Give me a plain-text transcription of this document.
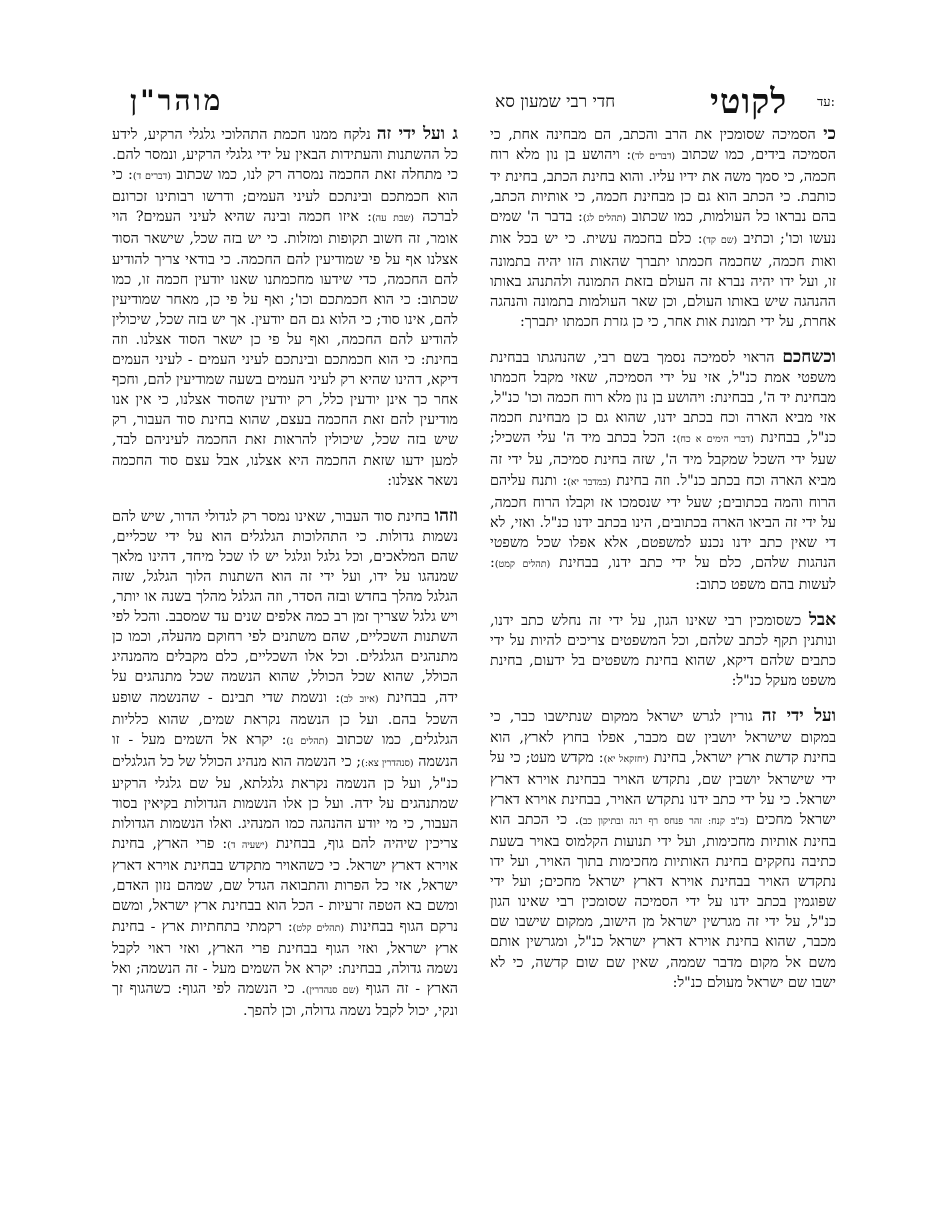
עד:
לקוטי
חדי רבי שמעון סא
מוהר"ן

כי הסמיכה שסומכין את הרב והכתב, הם מבחינה אחת, כי הסמיכה בידים, כמו שכתוב (דברים לד): ויהושע בן נון מלא רוח חכמה, כי סמך משה את ידיו עליו. והוא בחינת הכתב, בחינת יד כותבת. כי הכתב הוא גם כן מבחינת חכמה, כי אותיות הכתב, בהם נבראו כל העולמות, כמו שכתוב (תהלים לג): בדבר ה' שמים נעשו וכו'; וכתיב (שם קד): כלם בחכמה עשית. כי יש בכל אות ואות חכמה, שחכמה חכמתו יתברך שהאות הזו יהיה בתמונה זו, ועל ידו יהיה נברא זה העולם בזאת התמונה ולהתנהג באותו ההנהגה שיש באותו העולם, וכן שאר העולמות בתמונה והנהגה אחרת, על ידי תמונת אות אחר, כי כן גזרת חכמתו יתברך:

וכשחכם הראוי לסמיכה נסמך בשם רבי, שהנהגתו בבחינת משפטי אמת כנ"ל, אזי על ידי הסמיכה, שאזי מקבל חכמתו מבחינת יד ה', בבחינת: ויהושע בן נון מלא רוח חכמה וכו' כנ"ל, אזי מביא הארה וכח בכתב ידנו, שהוא גם כן מבחינת חכמה כנ"ל, בבחינת (דברי הימים א כח): הכל בכתב מיד ה' עלי השכיל; שעל ידי השכל שמקבל מיד ה', שזה בחינת סמיכה, על ידי זה מביא הארה וכח בכתב כנ"ל. וזה בחינת (במדבר יא): ותנח עליהם הרוח והמה בכתובים; שעל ידי שנסמכו אז וקבלו הרוח חכמה, על ידי זה הביאו הארה בכתובים, הינו בכתב ידנו כנ"ל. ואזי, לא די שאין כתב ידנו נכנע למשפטם, אלא אפלו שכל משפטי הנהגות שלהם, כלם על ידי כתב ידנו, בבחינת (תהלים קמט): לעשות בהם משפט כתוב:

אבל כשסומכין רבי שאינו הגון, על ידי זה נחלש כתב ידנו, ונותנין תקף לכתב שלהם, וכל המשפטים צריכים להיות על ידי כתבים שלהם דיקא, שהוא בחינת משפטים בל ידעום, בחינת משפט מעקל כנ"ל:

ועל ידי זה גורין לגרש ישראל ממקום שנתישבו כבר, כי במקום שישראל יושבין שם מכבר, אפלו בחוץ לארץ, הוא בחינת קדשת ארץ ישראל, בחינת (יחזקאל יא): מקדש מעט; כי על ידי שישראל יושבין שם, נתקדש האויר בבחינת אוירא דארץ ישראל. כי על ידי כתב ידנו נתקדש האויר, בבחינת אוירא דארץ ישראל מחכים (ב"ב קנח: זהר פנחס רף רנה ובתיקון כב). כי הכתב הוא בחינת אותיות מחכימות, ועל ידי תנועות הקלמוס באויר בשעת כתיבה נחקקים בחינת האותיות מחכימות בתוך האויר, ועל ידו נתקדש האויר בבחינת אוירא דארץ ישראל מחכים; ועל ידי שפוגמין בכתב ידנו על ידי הסמיכה שסומכין רבי שאינו הגון כנ"ל, על ידי זה מגרשין ישראל מן הישוב, ממקום שישבו שם מכבר, שהוא בחינת אוירא דארץ ישראל כנ"ל, ומגרשין אותם משם אל מקום מדבר שממה, שאין שם שום קדשה, כי לא ישבו שם ישראל מעולם כנ"ל:

ג ועל ידי זה נלקח ממנו חכמת התהלוכי גלגלי הרקיע, לידע כל ההשתנות והעתידות הבאין על ידי גלגלי הרקיע, ונמסר להם. כי מתחלה זאת החכמה נמסרה רק לנו, כמו שכתוב (דברים ד): כי הוא חכמתכם ובינתכם לעיני העמים; ודרשו רבותינו זכרונם לברכה (שבת עה): איזו חכמה ובינה שהיא לעיני העמים? הוי אומר, זה חשוב תקופות ומזלות. כי יש בזה שכל, שישאר הסוד אצלנו אף על פי שמודיעין להם החכמה. כי בודאי צריך להודיע להם החכמה, כדי שידעו מחכמתנו שאנו יודעין חכמה זו, כמו שכתוב: כי הוא חכמתכם וכו'; ואף על פי כן, מאחר שמודיעין להם, אינו סוד; כי הלוא גם הם יודעין. אך יש בזה שכל, שיכולין להודיע להם החכמה, ואף על פי כן ישאר הסוד אצלנו. וזה בחינת: כי הוא חכמתכם ובינתכם לעיני העמים - לעיני העמים דיקא, דהינו שהיא רק לעיני העמים בשעה שמודיעין להם, וחכף אחר כך אינן יודעין כלל, רק יודעין שהסוד אצלנו, כי אין אנו מודיעין להם זאת החכמה בעצם, שהוא בחינת סוד העבור, רק שיש בזה שכל, שיכולין להראות זאת החכמה לעיניהם לבד, למען ידעו שזאת החכמה היא אצלנו, אבל עצם סוד החכמה נשאר אצלנו:

וזהו בחינת סוד העבור, שאינו נמסר רק לגדולי הדור, שיש להם נשמות גדולות. כי התהלוכות הגלגלים הוא על ידי שכליים, שהם המלאכים, וכל גלגל וגלגל יש לו שכל מיחד, דהינו מלאך שמנהגו על ידו, ועל ידי זה הוא השתנות הלוך הגלגל, שזה הגלגל מהלך בחדש ובזה הסדר, וזה הגלגל מהלך בשנה או יותר, ויש גלגל שצריך זמן רב כמה אלפים שנים עד שמסבב. והכל לפי השתנות השכליים, שהם משתנים לפי רחוקם מהעלה, וכמו כן מתנהגים הגלגלים. וכל אלו השכליים, כלם מקבלים מהמנהיג הכולל, שהוא שכל הכולל, שהוא הנשמה שכל מתנהגים על ידה, בבחינת (איוב לב): ונשמת שדי תבינם - שהנשמה שופע השכל בהם. ועל כן הנשמה נקראת שמים, שהוא כלליות הגלגלים, כמו שכתוב (תהלים נ): יקרא אל השמים מעל - זו הנשמה (סנהדרין צא:); כי הנשמה הוא מנהיג הכולל של כל הגלגלים כנ"ל, ועל כן הנשמה נקראת גלגלתא, על שם גלגלי הרקיע שמתנהגים על ידה. ועל כן אלו הנשמות הגדולות בקיאין בסוד העבור, כי מי יודע ההנהגה כמו המנהיג. ואלו הנשמות הגדולות צריכין שיהיה להם גוף, בבחינת (ישעיה ד): פרי הארץ, בחינת אוירא דארץ ישראל. כי כשהאויר מתקדש בבחינת אוירא דארץ ישראל, אזי כל הפרות והתבואה הגדל שם, שמהם נזון האדם, ומשם בא הטפה זרעיות - הכל הוא בבחינת ארץ ישראל, ומשם נרקם הגוף בבחינות (תהלים קלט): רקמתי בתחתיות ארץ - בחינת ארץ ישראל, ואזי הגוף בבחינת פרי הארץ, ואזי ראוי לקבל נשמה גדולה, בבחינת: יקרא אל השמים מעל - זה הנשמה; ואל הארץ - זה הגוף (שם סנהדרין). כי הנשמה לפי הגוף: כשהגוף זך ונקי, יכול לקבל נשמה גדולה, וכן להפך.
